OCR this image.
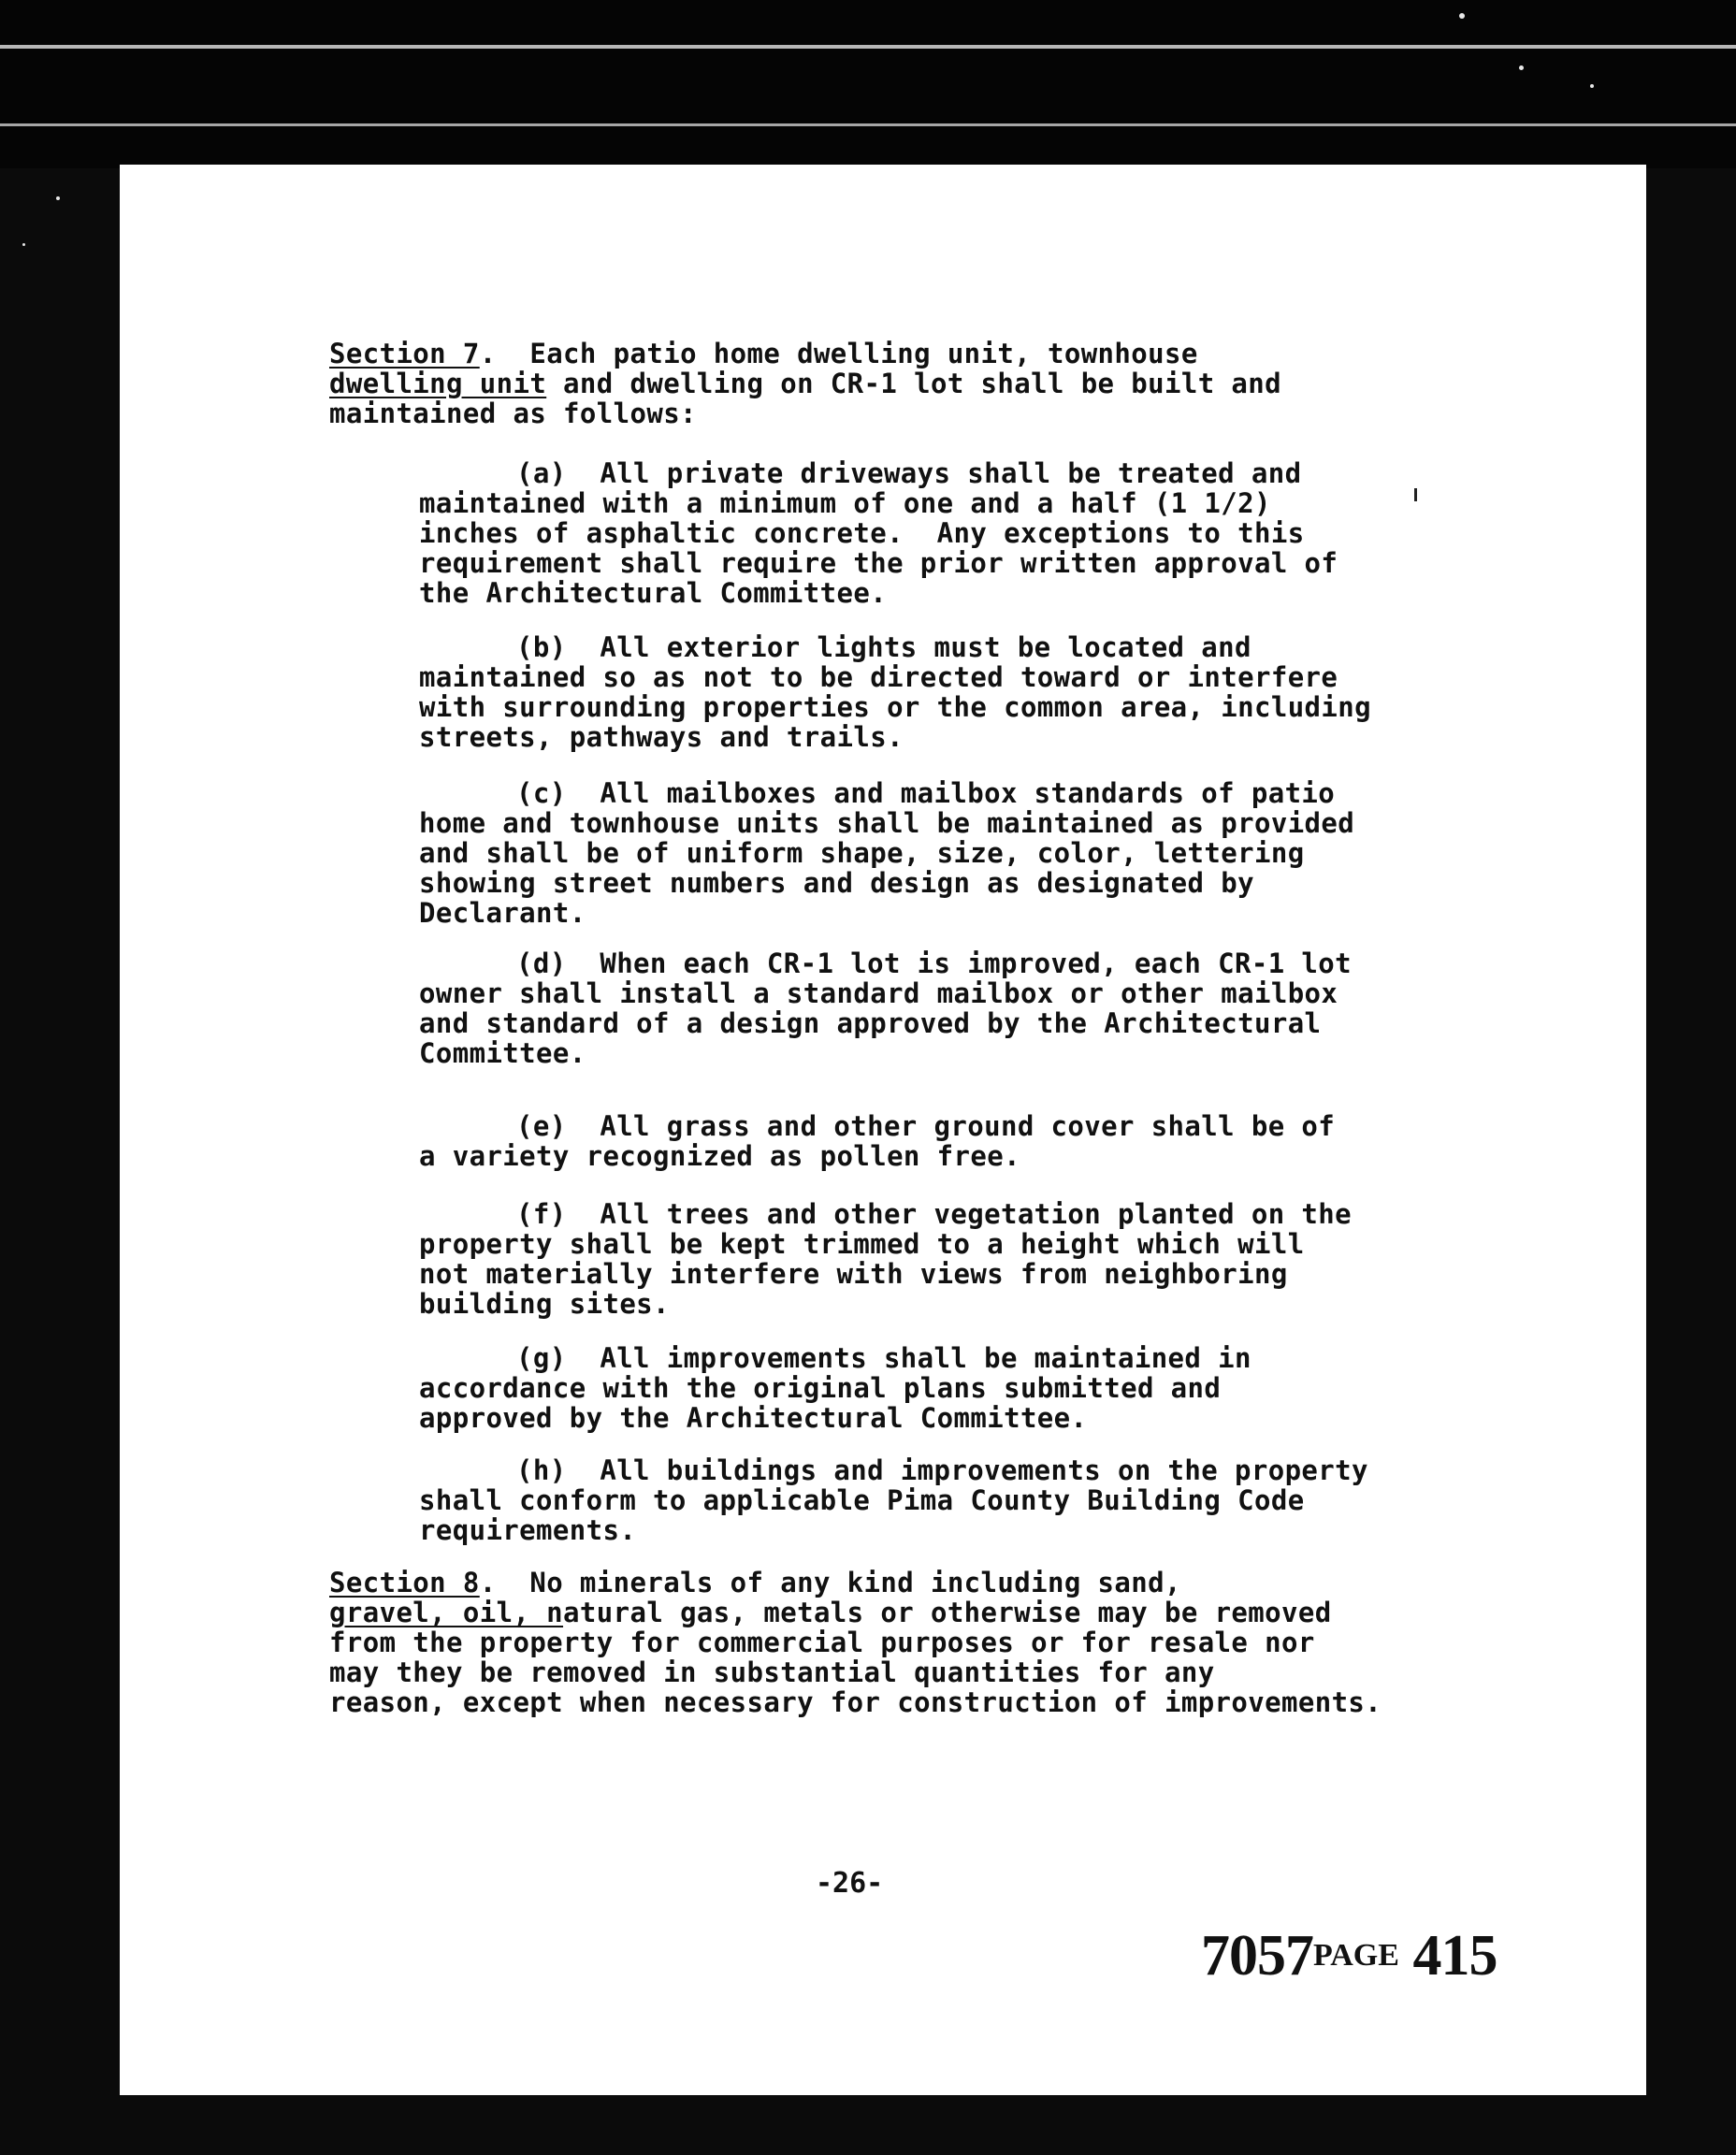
Section 7.  Each patio home dwelling unit, townhouse
dwelling unit and dwelling on CR-1 lot shall be built and
maintained as follows:
(a) All private driveways shall be treated and
maintained with a minimum of one and a half (1 1/2)
inches of asphaltic concrete.  Any exceptions to this
requirement shall require the prior written approval of
the Architectural Committee.
(b) All exterior lights must be located and
maintained so as not to be directed toward or interfere
with surrounding properties or the common area, including
streets, pathways and trails.
(c) All mailboxes and mailbox standards of patio
home and townhouse units shall be maintained as provided
and shall be of uniform shape, size, color, lettering
showing street numbers and design as designated by
Declarant.
(d) When each CR-1 lot is improved, each CR-1 lot
owner shall install a standard mailbox or other mailbox
and standard of a design approved by the Architectural
Committee.
(e) All grass and other ground cover shall be of
a variety recognized as pollen free.
(f) All trees and other vegetation planted on the
property shall be kept trimmed to a height which will
not materially interfere with views from neighboring
building sites.
(g) All improvements shall be maintained in
accordance with the original plans submitted and
approved by the Architectural Committee.
(h) All buildings and improvements on the property
shall conform to applicable Pima County Building Code
requirements.
Section 8.  No minerals of any kind including sand,
gravel, oil, natural gas, metals or otherwise may be removed
from the property for commercial purposes or for resale nor
may they be removed in substantial quantities for any
reason, except when necessary for construction of improvements.
-26-
7057PAGE 415
